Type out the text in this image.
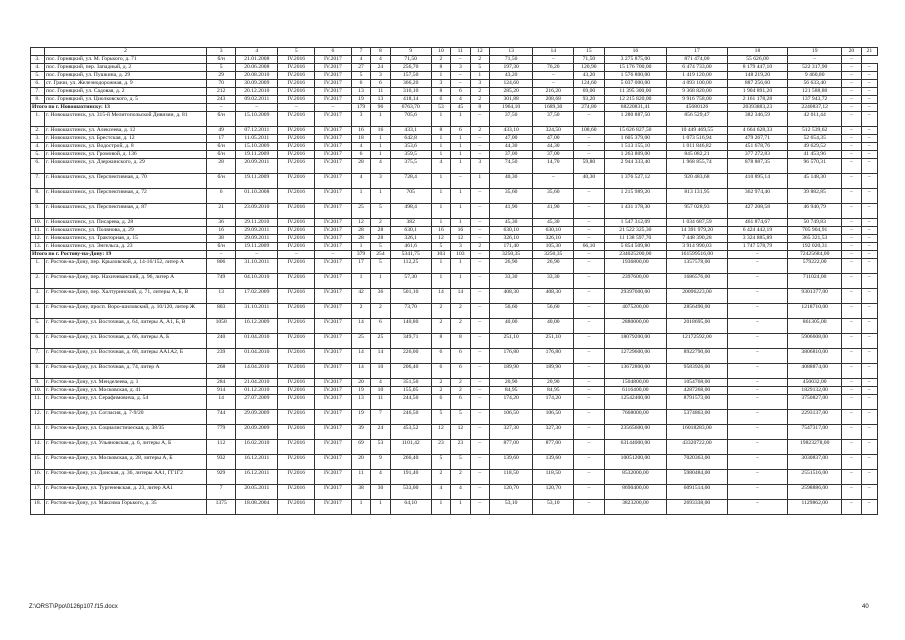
	2	3	4	5	6	7	8	9	10	11	12	13	14	15	16	17	18	19	20	21
3.	пос. Горняцкий, ул. М. Горького, д. 71	б/н	21.01.2008	IV.2016	IV.2017	4	4	71,50	2	–	2	71,50	–	71,50	3 275 875,00	871 474,00	55 626,00	–	–	
4.	пос. Горняцкий, пер. Западный, д. 2	5	20.06.2008	IV.2016	IV.2017	27	24	256,70	8	3	5	197,30	76,20	120,90	15 176 700,00	6 474 733,00	8 179 447,10	522 317,90	–	–
5.	пос. Горняцкий, ул. Пушкина, д. 29	29	20.08.2010	IV.2016	IV.2017	5	3	157,50	1	–	1	43,20	–	43,20	1 576 800,00	1 419 120,00	148 219,20	9 460,80	–	–
6.	ст. Грачи, ул. Железнодорожная, д. 9	70	30.09.2009	IV.2016	IV.2017	6	6	366,20	3	–	3	124,60	–	124,60	5 037 000,00	4 093 100,00	887 256,60	56 633,40	–	–
7.	пос. Горняцкий, ул. Садовая, д. 2	212	20.12.2010	IV.2016	IV.2017	13	11	316,10	8	6	2	285,20	216,20	69,00	11 395 300,00	9 368 820,00	1 904 891,20	121 588,80	–	–
8.	пос. Горняцкий, ул. Циолковского, д. 5	243	09.02.2011	IV.2016	IV.2017	19	13	418,14	6	4	2	301,88	208,68	93,20	12 215 820,00	9 916 758,00	2 161 178,28	137 943,72	–	–
Итого по г. Новошахтинску: 13		–	–	–	–	179	96	6763,70	53	45	8	1964,10	1689,30	274,80	68220831,41	45680126	20393883,23	2240837,12	–	–
1.	г. Новошахтинск, ул. 315-й Мелитопольской Дивизии, д. 81	б/н	15.10.2009	IV.2016	IV.2017	3	1	705,6	1	1	–	37,50	37,50	–	1 280 887,50	856 529,47	382 346,59	42 011,44	–	–
2.	г. Новошахтинск, ул. Алексеева, д. 12	49	07.12.2011	IV.2016	IV.2017	16	16	433,1	8	6	2	433,10	324,50	108,60	15 626 827,50	10 449 469,55	4 664 628,33	512 539,62	–	–
3.	г. Новошахтинск, ул. Брестская, д. 12	17	11.05.2011	IV.2016	IV.2017	18	1	642,8	1	1	–	47,00	47,00	–	1 605 379,00	1 073 516,94	479 267,71	52 654,35	–	–
4.	г. Новошахтинск, ул. Водострой, д. 8	б/н	15.10.2009	IV.2016	IV.2017	4	1	353,6	1	1	–	44,30	44,30	–	1 513 155,10	1 011 846,82	451 678,76	49 629,52	–	–
5.	г. Новошахтинск, ул. Громовой, д. 136	б/н	19.11.2009	IV.2016	IV.2017	6	1	359,5	1	1	–	37,00	37,00	–	1 263 809,00	845 082,21	377 272,83	41 453,96	–	–
6.	г. Новошахтинск, ул. Дзержинского, д. 29	28	20.09.2011	IV.2016	IV.2017	28	4	375,5	4	1	3	74,50	14,70	59,80	2 944 333,40	1 968 855,74	878 887,35	96 570,31	–	–
7.	г. Новошахтинск, ул. Перспективная, д. 70	б/н	19.11.2009	IV.2016	IV.2017	4	3	728,4	1	–	1	40,30	–	40,30	1 376 527,12	920 483,68	410 895,14	45 148,30	–	–
8.	г. Новошахтинск, ул. Перспективная, д. 72	6	01.10.2008	IV.2016	IV.2017	1	1	705	1	1	–	35,60	35,60	–	1 215 989,20	813 131,95	362 974,40	39 882,85	–	–
9.	г. Новошахтинск, ул. Перспективная, д. 87	21	23.09.2010	IV.2016	IV.2017	25	5	498,4	1	1	–	41,90	41,90	–	1 431 178,30	957 028,93	427 208,58	46 940,79	–	–
10.	г. Новошахтинск, ул. Писарева, д. 28	36	29.11.2010	IV.2016	IV.2017	12	2	382	1	1	–	45,30	45,30	–	1 547 312,09	1 034 687,59	461 874,67	50 749,83	–	–
11.	г. Новошахтинск, ул. Полянова, д. 29	16	29.09.2011	IV.2016	IV.2017	28	28	630,1	16	16	–	630,10	630,10	–	21 522 325,30	14 391 979,20	6 424 442,19	705 904,91	–	–
12.	г. Новошахтинск, ул. Тракторная, д. 15	38	29.09.2011	IV.2016	IV.2017	28	28	326,1	12	12	–	326,10	326,10	–	11 138 597,70	7 448 390,28	3 324 885,89	365 321,53	–	–
13.	г. Новошахтинск, ул. Энгельса, д. 23	б/н	19.11.2009	IV.2016	IV.2017	1	5	461,6	5	3	2	171,40	105,30	66,10	5 854 509,80	3 914 990,03	1 747 578,79	192 020,31	–	–
Итого по г. Ростову-на-Дону: 19		–	–	–	–	379	254	5341,75	103	103	–	3250,35	3250,35	–	234025200,00	161599516,00	–	72425684,00	–	–
1.	г. Ростов-на-Дону, пер. Крыловской, д. 14-16/152, литер А	806	31.10.2011	IV.2016	IV.2017	17	5	112,25	1	1	–	26,90	26,90	–	1936800,00	1357578,00	–	579222,00	–	–
2.	г. Ростов-на-Дону, пер. Нахичеванский, д. 96, литер А	749	04.10.2010	IV.2016	IV.2017	1	1	57,30	1	1	–	33,30	33,30	–	2397600,00	1686576,00	–	711024,00	–	–
3.	г. Ростов-на-Дону, пер. Халтуринский, д. 71, литеры А, Б, В	13	17.02.2009	IV.2016	IV.2017	42	36	501,10	14	14	–	408,30	408,30	–	29397600,00	20096223,00	–	9301377,00	–	–
4.	г. Ростов-на-Дону, просп. Воро-шиловский, д. 10/120, литер Ж	803	31.10.2011	IV.2016	IV.2017	2	2	73,70	2	2	–	56,60	56,60	–	4075200,00	2856490,00	–	1218710,00	–	–
5.	г. Ростов-на-Дону, ул. Восточная, д. 64, литеры А, А1, Б, В	1058	16.12.2009	IV.2016	IV.2017	14	6	140,80	2	2	–	40,00	40,00	–	2880000,00	2018695,00	–	861305,00	–	–
6.	г. Ростов-на-Дону, ул. Восточная, д. 66, литеры А, Б	240	01.04.2010	IV.2016	IV.2017	25	25	349,71	8	8	–	251,10	251,10	–	18079200,00	12172592,00	–	5906608,00	–	–
7.	г. Ростов-на-Дону, ул. Восточная, д. 68, литеры АА1А2, Б	239	01.04.2010	IV.2016	IV.2017	14	14	226,00	6	6	–	176,80	176,80	–	12729600,00	8922790,00	–	3806810,00	–	–
8.	г. Ростов-на-Дону, ул. Восточная, д. 74, литер А	268	14.04.2010	IV.2016	IV.2017	14	10	206,40	6	6	–	189,90	189,90	–	13672800,00	9583926,00	–	4088874,00	–	–
9.	г. Ростов-на-Дону, ул. Менделеева, д. 1	284	21.04.2010	IV.2016	IV.2017	20	4	351,50	2	2	–	20,90	20,90	–	1504800,00	1054768,00	–	450032,00	–	–
10.	г. Ростов-на-Дону, ул. Московская, д. 41	914	01.12.2010	IV.2016	IV.2017	19	10	155,05	2	2	–	84,95	84,95	–	6116400,00	4287268,00	–	1829132,00	–	–
11.	г. Ростов-на-Дону, ул. Серафимовича, д. 54	14	27.07.2009	IV.2016	IV.2017	13	11	244,50	6	6	–	174,20	174,20	–	12542400,00	8791573,00	–	3750827,00	–	–
12.	г. Ростов-на-Дону, ул. Согласия, д. 7-9/20	744	29.09.2009	IV.2016	IV.2017	19	7	246,50	5	5	–	106,50	106,50	–	7668000,00	5374863,00	–	2293137,00	–	–
13.	г. Ростов-на-Дону, ул. Социалистическая, д. 38/35	779	20.09.2009	IV.2016	IV.2017	39	24	453,52	12	12	–	327,30	327,30	–	23565600,00	16018283,00	–	7547317,00	–	–
14.	г. Ростов-на-Дону, ул. Ульяновская, д. 6, литеры А, Б	112	16.02.2010	IV.2016	IV.2017	69	53	1101,42	23	23	–	877,00	877,00	–	63144000,00	43320722,00	–	19823278,00	–	–
15.	г. Ростов-на-Дону, ул. Московская, д. 28, литеры А, Б	932	16.12.2011	IV.2016	IV.2017	20	9	266,40	5	5	–	139,60	139,60	–	10051200,00	7020363,00	–	3030837,00	–	–
16.	г. Ростов-на-Дону, ул. Донская, д. 36, литеры АА1, ГГ1Г2	929	16.12.2011	IV.2016	IV.2017	11	4	191,40	2	2	–	118,50	118,50	–	8532000,00	5980484,00	–	2551516,00	–	–
17.	г. Ростов-на-Дону, ул. Тургеневская, д. 23, литер АА1	7	20.05.2011	IV.2016	IV.2017	38	30	533,00	4	4	–	120,70	120,70	–	8690400,00	6091514,00	–	2598886,00	–	–
18.	г. Ростов-на-Дону, ул. Максима Горького, д. 35	1375	18.08.2004	IV.2016	IV.2017	1	1	64,10	1	1	–	53,10	53,10	–	3823200,00	2693338,00	–	1129862,00	–	–
Z:\ORST\Ppo\0126p107.f15.docx	40
